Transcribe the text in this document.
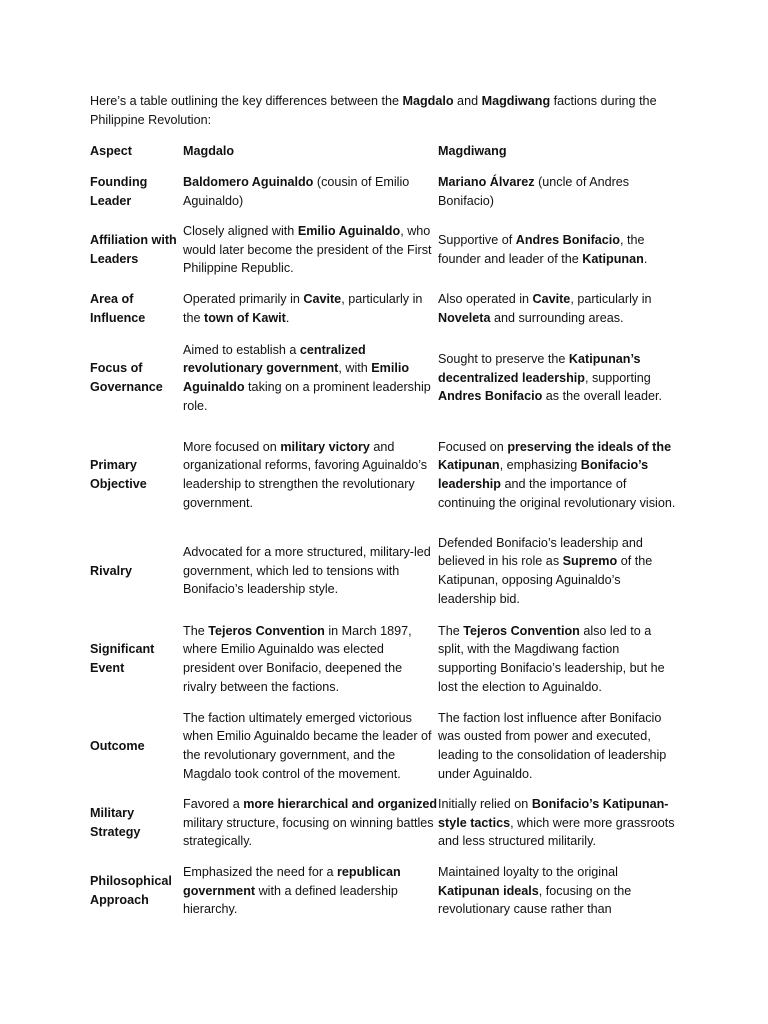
Here’s a table outlining the key differences between the Magdalo and Magdiwang factions during the Philippine Revolution:
Aspect	Magdalo	Magdiwang
Founding Leader
Baldomero Aguinaldo (cousin of Emilio Aguinaldo)
Mariano Álvarez (uncle of Andres Bonifacio)
Affiliation with Leaders
Closely aligned with Emilio Aguinaldo, who would later become the president of the First Philippine Republic.
Supportive of Andres Bonifacio, the founder and leader of the Katipunan.
Area of Influence
Operated primarily in Cavite, particularly in the town of Kawit.
Also operated in Cavite, particularly in Noveleta and surrounding areas.
Focus of Governance
Aimed to establish a centralized revolutionary government, with Emilio Aguinaldo taking on a prominent leadership role.
Sought to preserve the Katipunan’s decentralized leadership, supporting Andres Bonifacio as the overall leader.
Primary Objective
More focused on military victory and organizational reforms, favoring Aguinaldo’s leadership to strengthen the revolutionary government.
Focused on preserving the ideals of the Katipunan, emphasizing Bonifacio’s leadership and the importance of continuing the original revolutionary vision.
Rivalry
Advocated for a more structured, military-led government, which led to tensions with Bonifacio’s leadership style.
Defended Bonifacio’s leadership and believed in his role as Supremo of the Katipunan, opposing Aguinaldo’s leadership bid.
Significant Event
The Tejeros Convention in March 1897, where Emilio Aguinaldo was elected president over Bonifacio, deepened the rivalry between the factions.
The Tejeros Convention also led to a split, with the Magdiwang faction supporting Bonifacio’s leadership, but he lost the election to Aguinaldo.
Outcome
The faction ultimately emerged victorious when Emilio Aguinaldo became the leader of the revolutionary government, and the Magdalo took control of the movement.
The faction lost influence after Bonifacio was ousted from power and executed, leading to the consolidation of leadership under Aguinaldo.
Military Strategy
Favored a more hierarchical and organized military structure, focusing on winning battles strategically.
Initially relied on Bonifacio’s Katipunan-style tactics, which were more grassroots and less structured militarily.
Philosophical Approach
Emphasized the need for a republican government with a defined leadership hierarchy.
Maintained loyalty to the original Katipunan ideals, focusing on the revolutionary cause rather than
